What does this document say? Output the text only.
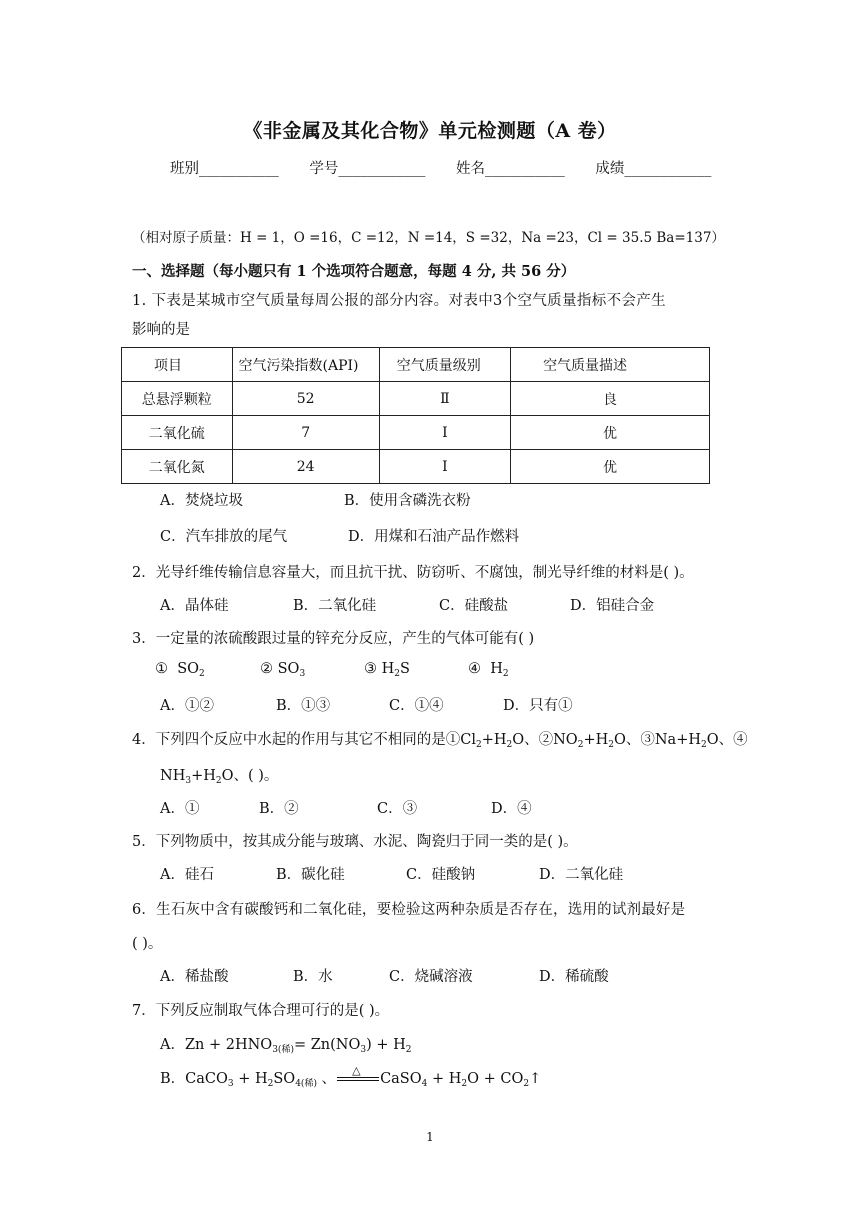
《非金属及其化合物》单元检测题（A 卷）
班别___________ 学号____________ 姓名___________ 成绩____________
（相对原子质量：H = 1，O =16，C =12，N =14，S =32，Na =23，Cl = 35.5 Ba=137）
一、选择题（每小题只有 1 个选项符合题意，每题 4 分, 共 56 分）
1. 下表是某城市空气质量每周公报的部分内容。对表中3个空气质量指标不会产生
影响的是
项目	空气污染指数(API)	空气质量级别	空气质量描述
总悬浮颗粒	52	Ⅱ	良
二氧化硫	7	Ⅰ	优
二氧化氮	24	Ⅰ	优
A．焚烧垃圾	B．使用含磷洗衣粉
C．汽车排放的尾气	D．用煤和石油产品作燃料
2．光导纤维传输信息容量大，而且抗干扰、防窃听、不腐蚀，制光导纤维的材料是( )。
A．晶体硅	B．二氧化硅	C．硅酸盐	D．铝硅合金
3．一定量的浓硫酸跟过量的锌充分反应，产生的气体可能有( )
① $SO_2$	② $SO_3$	③ $H_2S$	④ $H_2$
A．①②	B．①③	C．①④	D．只有①
4．下列四个反应中水起的作用与其它不相同的是$①Cl_2+H_2O$、$②NO_2+H_2O$、$③Na+H_2O$、④
$NH_3+H_2O$、( )。
A．①	B．②	C．③	D．④
5．下列物质中，按其成分能与玻璃、水泥、陶瓷归于同一类的是( )。
A．硅石	B．碳化硅	C．硅酸钠	D．二氧化硅
6．生石灰中含有碳酸钙和二氧化硅，要检验这两种杂质是否存在，选用的试剂最好是
( )。
A．稀盐酸	B．水	C．烧碱溶液	D．稀硫酸
7．下列反应制取气体合理可行的是( )。
A．$Zn + 2HNO_{3(稀)}= Zn(NO_3) + H_2$
B．CaCO$_3$ + $H_2SO_{4(稀)}$ 、
△
CaSO$_4$ + $H_2O$ + $CO_2↑$
1
